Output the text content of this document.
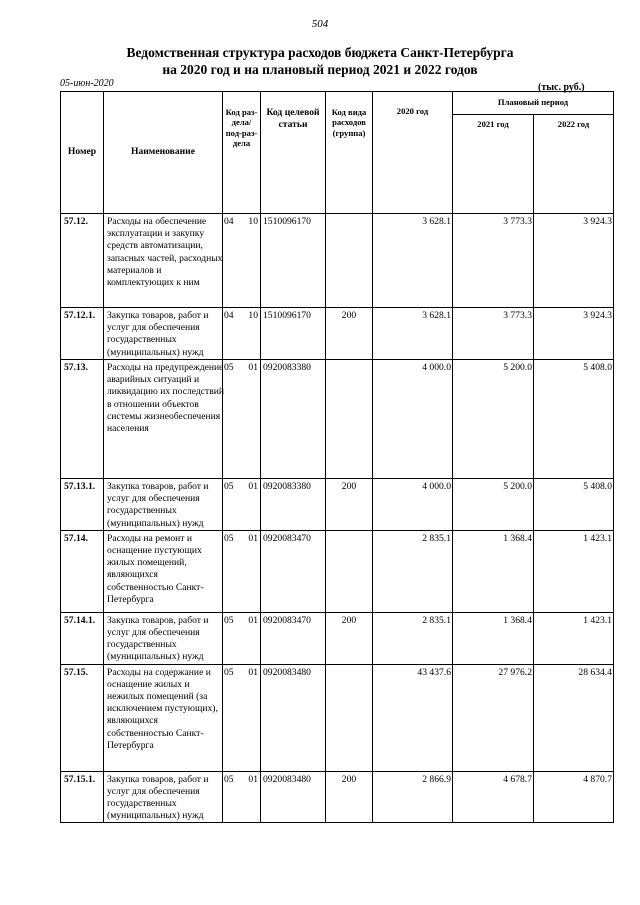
504
Ведомственная структура расходов бюджета Санкт-Петербурга
на 2020 год и на плановый период 2021 и 2022 годов
05-июн-2020	(тыс. руб.)
Номер	Наименование	Код раз-дела/ под-раз-дела	Код целевой статьи	Код вида расходов (группа)	2020 год	Плановый период	
						2021 год	2022 год
57.12.	Расходы на обеспечение эксплуатации и закупку средств автоматизации, запасных частей, расходных материалов и комплектующих к ним	04 10	1510096170		3 628.1	3 773.3	3 924.3
57.12.1.	Закупка товаров, работ и услуг для обеспечения государственных (муниципальных) нужд	04 10	1510096170	200	3 628.1	3 773.3	3 924.3
57.13.	Расходы на предупреждение аварийных ситуаций и ликвидацию их последствий в отношении объектов системы жизнеобеспечения населения	05 01	0920083380		4 000.0	5 200.0	5 408.0
57.13.1.	Закупка товаров, работ и услуг для обеспечения государственных (муниципальных) нужд	05 01	0920083380	200	4 000.0	5 200.0	5 408.0
57.14.	Расходы на ремонт и оснащение пустующих жилых помещений, являющихся собственностью Санкт-Петербурга	05 01	0920083470		2 835.1	1 368.4	1 423.1
57.14.1.	Закупка товаров, работ и услуг для обеспечения государственных (муниципальных) нужд	05 01	0920083470	200	2 835.1	1 368.4	1 423.1
57.15.	Расходы на содержание и оснащение жилых и нежилых помещений (за исключением пустующих), являющихся собственностью Санкт-Петербурга	05 01	0920083480		43 437.6	27 976.2	28 634.4
57.15.1.	Закупка товаров, работ и услуг для обеспечения государственных (муниципальных) нужд	05 01	0920083480	200	2 866.9	4 678.7	4 870.7
